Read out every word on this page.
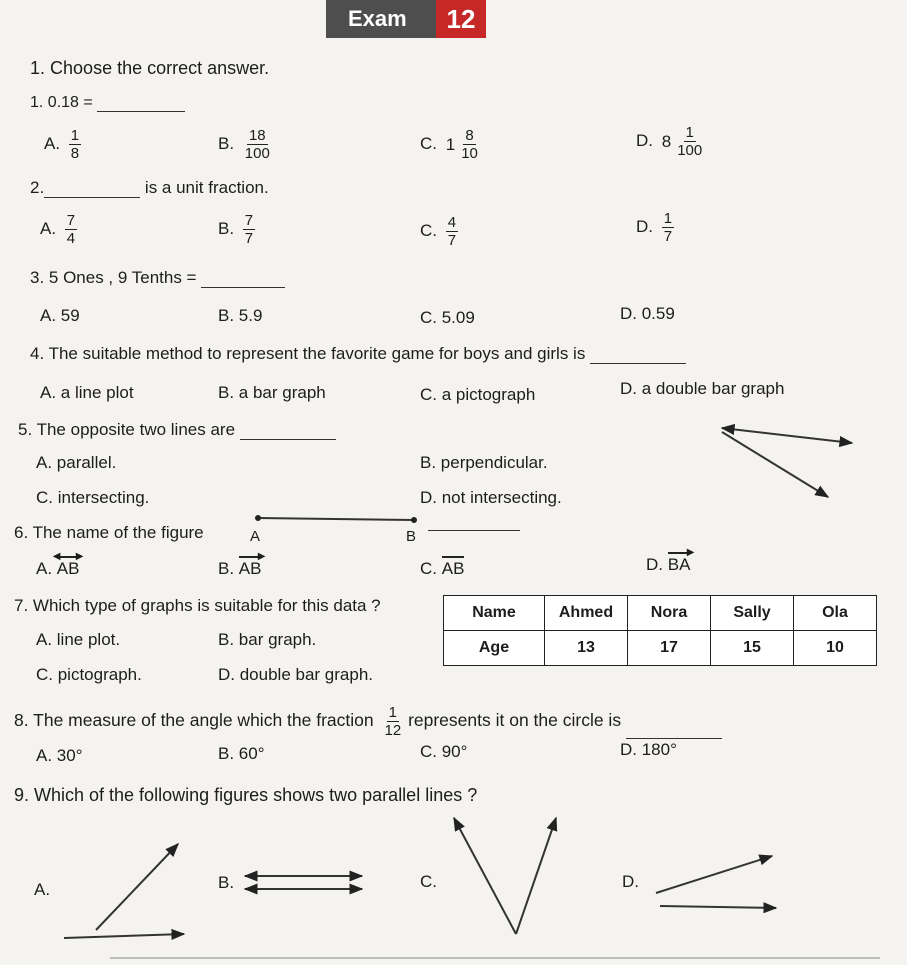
Exam	12
1. Choose the correct answer.
1. 0.18 =
A. $\frac{1}{8}$	B. $\frac{18}{100}$	C. $1 \frac{8}{10}$	D. $8 \frac{1}{100}$
2.	is a unit fraction.
A. $\frac{7}{4}$	B. $\frac{7}{7}$	C. $\frac{4}{7}$	D. $\frac{1}{7}$
3. 5 Ones , 9 Tenths =
A. 59	B. 5.9	C. 5.09	D. 0.59
4. The suitable method to represent the favorite game for boys and girls is
A. a line plot	B. a bar graph	C. a pictograph	D. a double bar graph
5. The opposite two lines are
A. parallel.	B. perpendicular.
C. intersecting.	D. not intersecting.
6. The name of the figure	A	B
A.
◀ ▶
AB	B.
▶
AB	C. AB	D.
▶
BA
7. Which type of graphs is suitable for this data ?
A. line plot.	B. bar graph.
C. pictograph.	D. double bar graph.
Name	Ahmed	Nora	Sally	Ola
Age	13	17	15	10
8. The measure of the angle which the fraction $\frac{1}{12}$ represents it on the circle is
A. 30°	B. 60°	C. 90°	D. 180°
9. Which of the following figures shows two parallel lines ?
A.	B.	C.	D.
